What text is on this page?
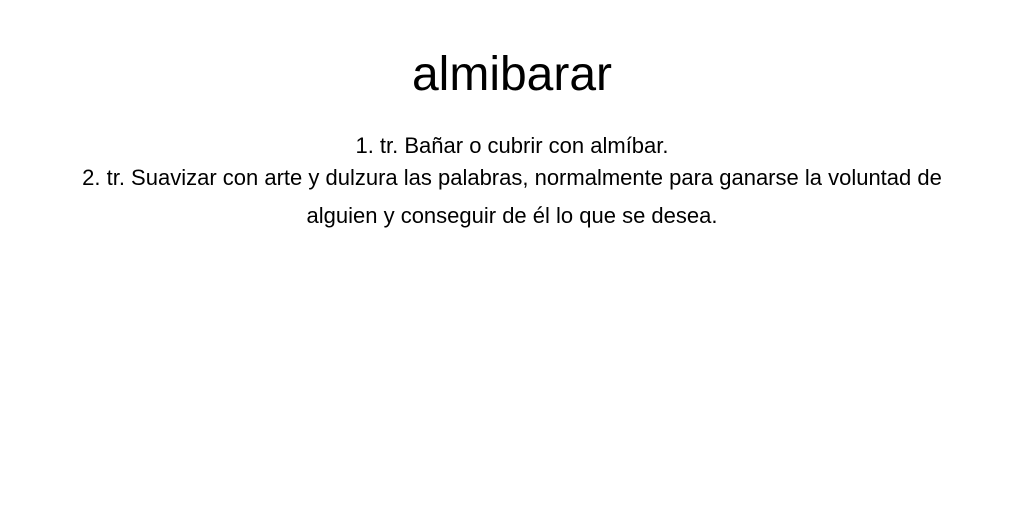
almibarar
1. tr. Bañar o cubrir con almíbar.
2. tr. Suavizar con arte y dulzura las palabras, normalmente para ganarse la voluntad de alguien y conseguir de él lo que se desea.
